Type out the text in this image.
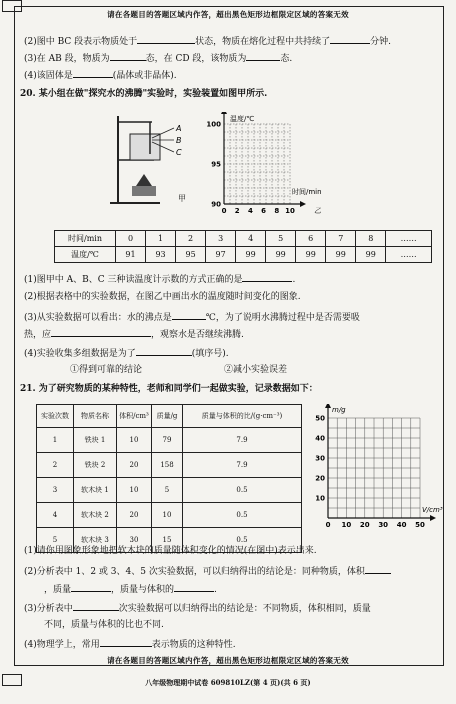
请在各题目的答题区域内作答，超出黑色矩形边框限定区域的答案无效
(2)图中 BC 段表示物质处于	状态，物质在熔化过程中共持续了	分钟.
(3)在 AB 段，物质为	态，在 CD 段，该物质为	态.
(4)该固体是	(晶体或非晶体).
20. 某小组在做"探究水的沸腾"实验时，实验装置如图甲所示.
A
B
C
甲
0 2 4 6 8 10
100
95
90
温度/℃
时间/min
乙
时间/min	0	1	2	3	4	5	6	7	8	……
温度/℃	91	93	95	97	99	99	99	99	99	……
(1)图甲中 A、B、C 三种读温度计示数的方式正确的是	.
(2)根据表格中的实验数据，在图乙中画出水的温度随时间变化的图象.
(3)从实验数据可以看出：水的沸点是	℃，为了说明水沸腾过程中是否需要吸
热，应	，观察水是否继续沸腾.
(4)实验收集多组数据是为了	(填序号).
①得到可靠的结论	②减小实验误差
21. 为了研究物质的某种特性，老师和同学们一起做实验，记录数据如下：
实验次数	物质名称	体积/cm³	质量/g	质量与体积的比/(g·cm⁻³)
1	铁块 1	10	79	7.9
2	铁块 2	20	158	7.9
3	软木块 1	10	5	0.5
4	软木块 2	20	10	0.5
5	软木块 3	30	15	0.5
0 10 20 30 40 50
50
40
30
20
10
m/g
V/cm³
(1)请你用图象形象地把软木块的质量随体积变化的情况(在图中)表示出来.
(2)分析表中 1、2 或 3、4、5 次实验数据，可以归纳得出的结论是：同种物质，体积
，质量	，质量与体积的	.
(3)分析表中	次实验数据可以归纳得出的结论是：不同物质，体积相同，质量
不同，质量与体积的比也不同.
(4)物理学上，常用	表示物质的这种特性.
请在各题目的答题区域内作答，超出黑色矩形边框限定区域的答案无效
八年级物理期中试卷 609810LZ(第 4 页)(共 6 页)
